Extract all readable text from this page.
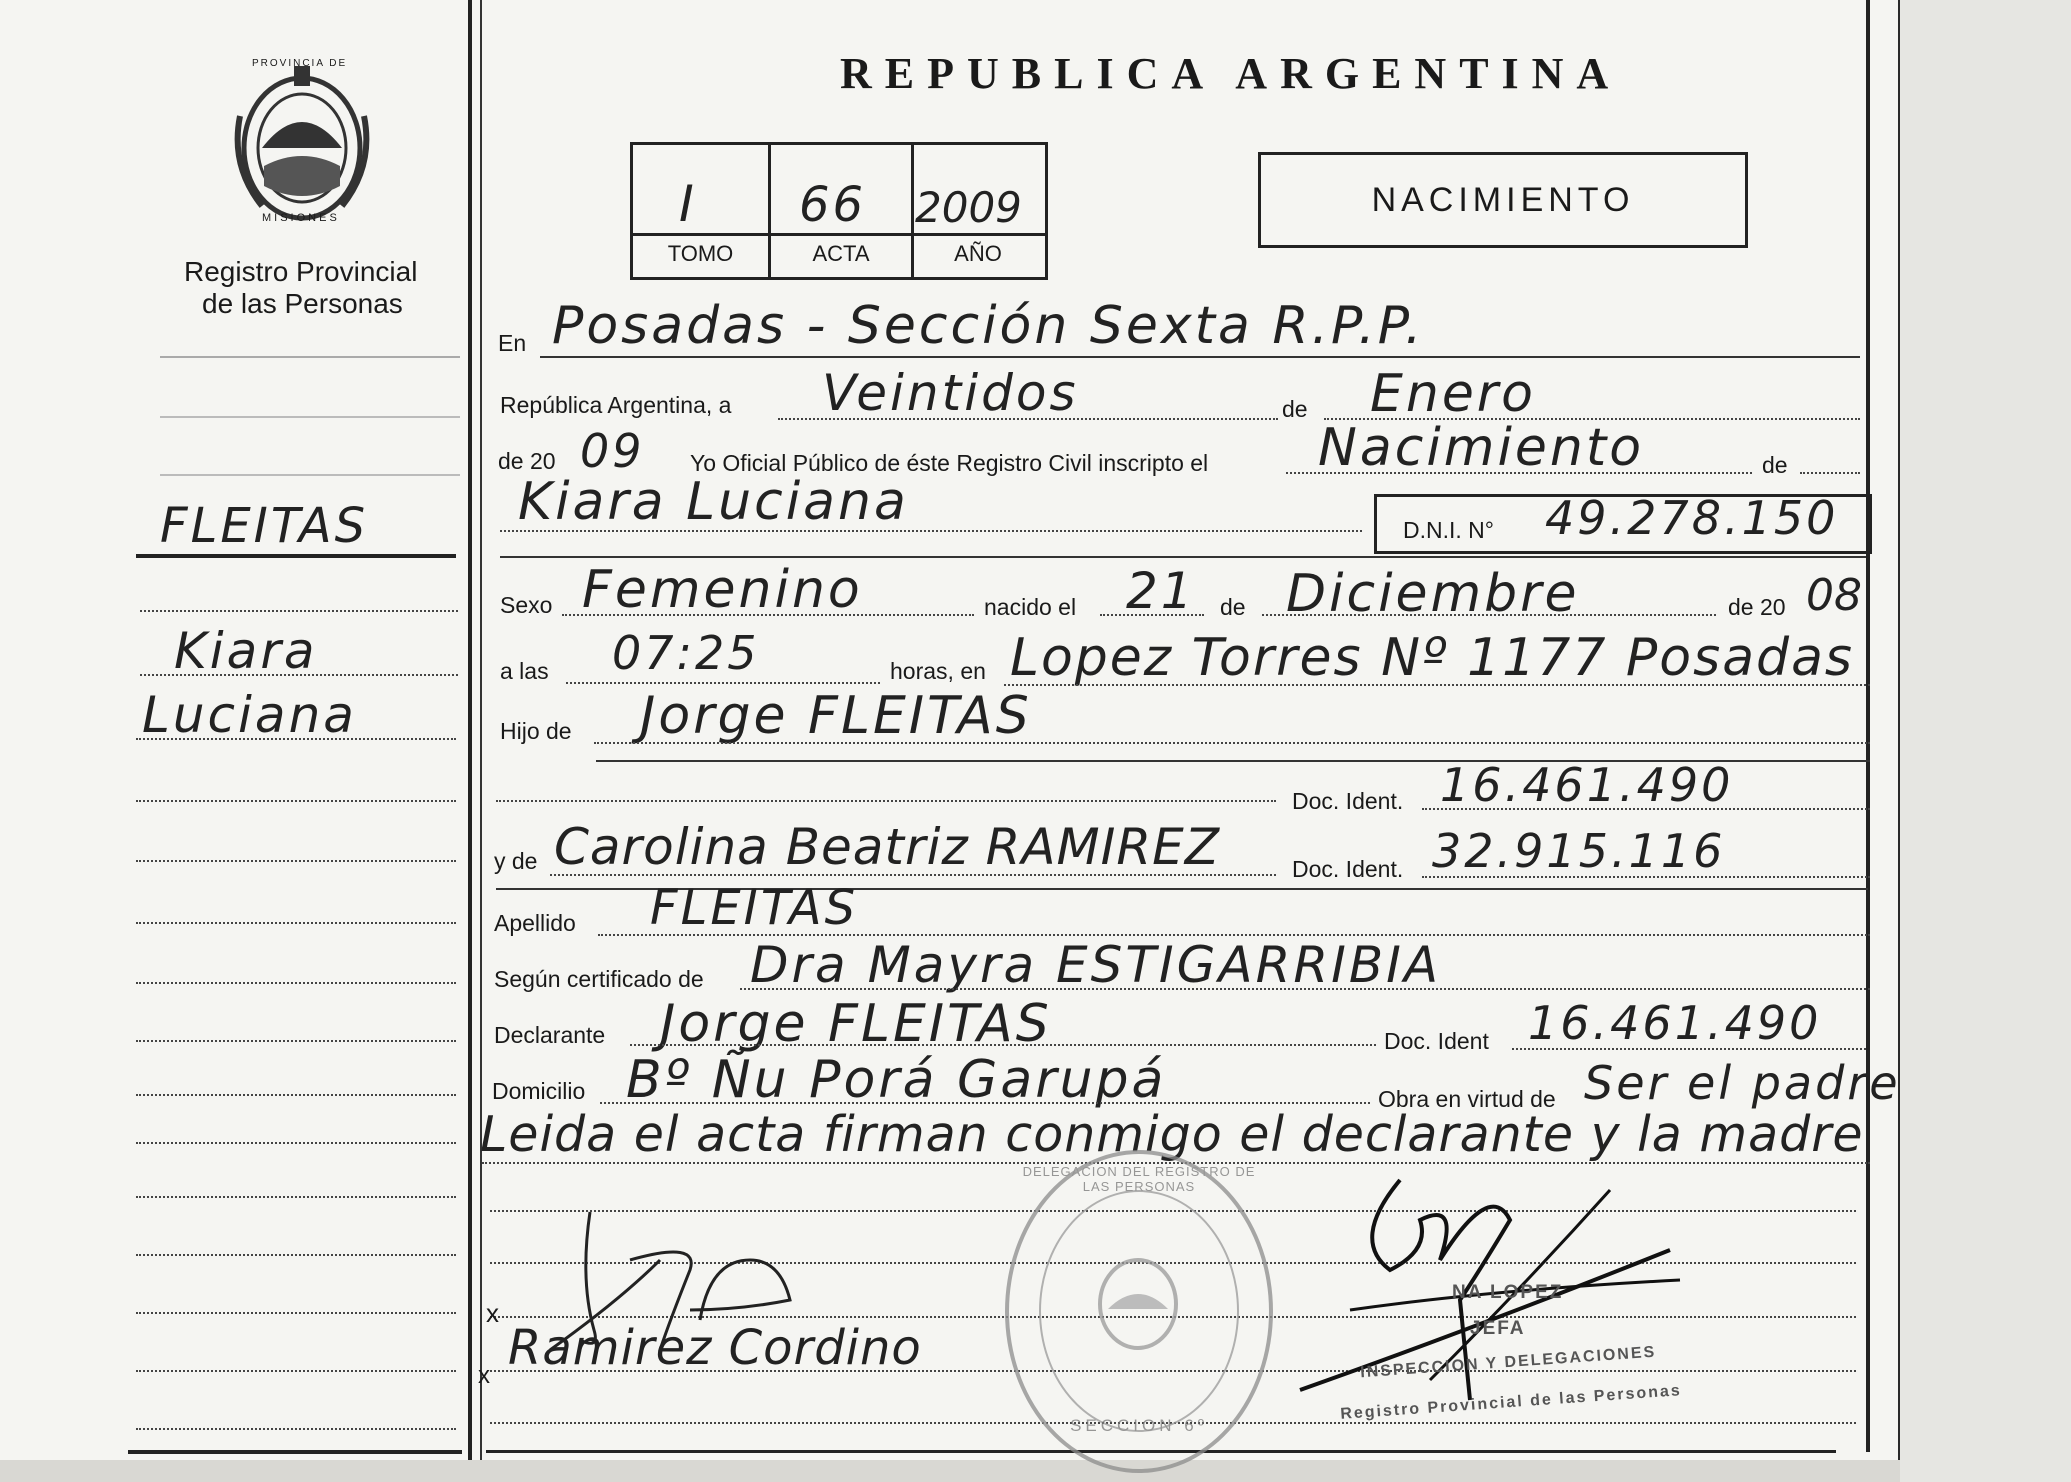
PROVINCIA DE
MISIONES
Registro Provincial
de las Personas
FLEITAS
Kiara
Luciana
REPUBLICA ARGENTINA
I 66 2009
TOMO	ACTA	AÑO
NACIMIENTO
En Posadas - Sección Sexta R.P.P.
República Argentina, a Veintidos	de Enero
de 20 09 Yo Oficial Público de éste Registro Civil inscripto el Nacimiento	de
Kiara Luciana	D.N.I. N° 49.278.150
Sexo Femenino	nacido el 21 de Diciembre	de 20 08
a las 07:25	horas, en Lopez Torres Nº 1177 Posadas
Hijo de Jorge FLEITAS
Doc. Ident. 16.461.490
y de Carolina Beatriz RAMIREZ	Doc. Ident. 32.915.116
Apellido FLEITAS
Según certificado de Dra Mayra ESTIGARRIBIA
Declarante Jorge FLEITAS	Doc. Ident 16.461.490
Domicilio Bº Ñu Porá Garupá	Obra en virtud de Ser el padre
Leida el acta firman conmigo el declarante y la madre
x
x Ramirez Cordino
DELEGACION DEL REGISTRO DE LAS PERSONAS
SECCION 6º
NA LOPEZ
JEFA
INSPECCION Y DELEGACIONES
Registro Provincial de las Personas
